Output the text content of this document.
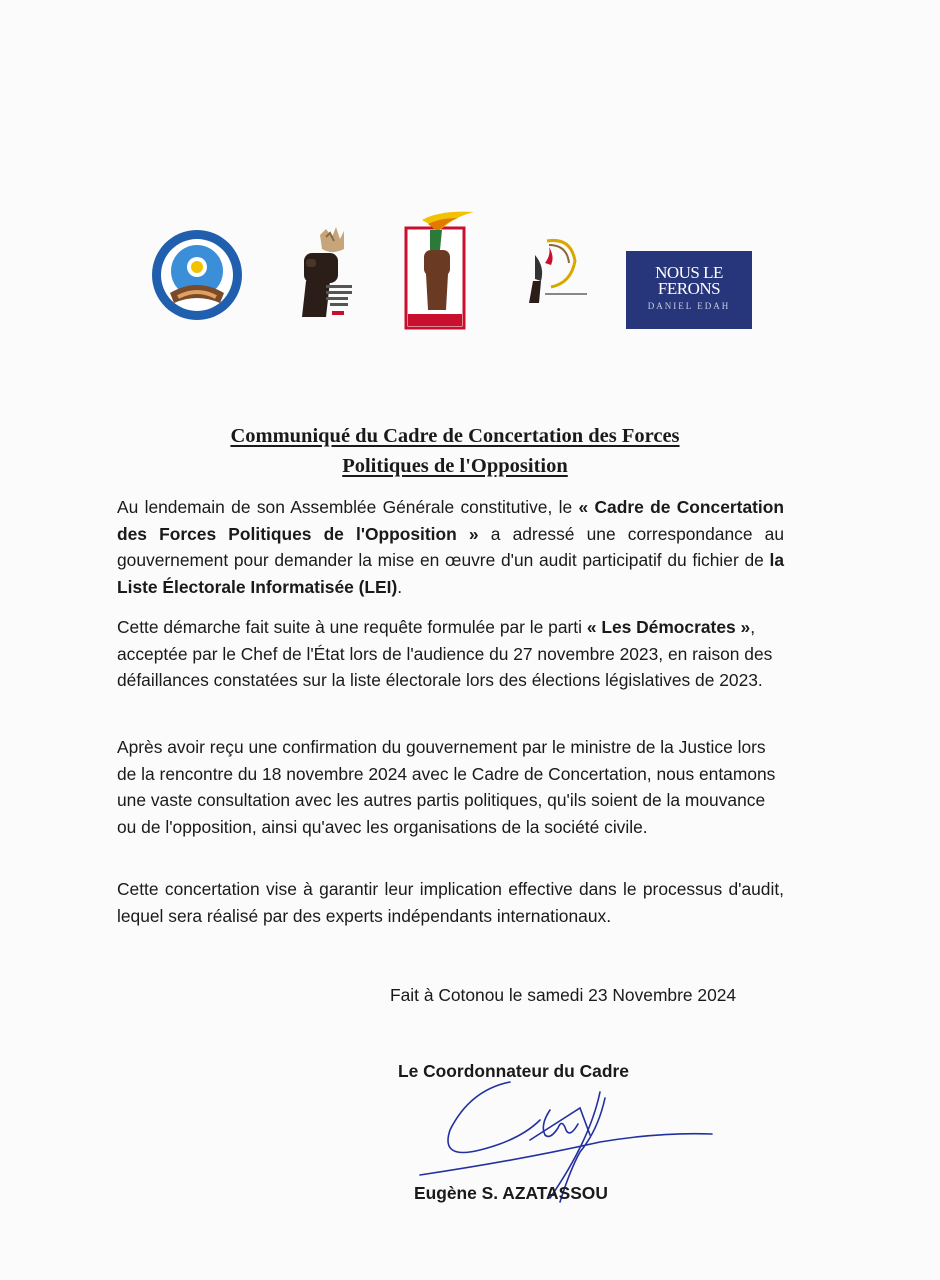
NOUS LE
FERONS
DANIEL EDAH
Communiqué du Cadre de Concertation des Forces
Politiques de l'Opposition

Au lendemain de son Assemblée Générale constitutive, le « Cadre de Concertation des Forces Politiques de l'Opposition » a adressé une correspondance au gouvernement pour demander la mise en œuvre d'un audit participatif du fichier de la Liste Électorale Informatisée (LEI).

Cette démarche fait suite à une requête formulée par le parti « Les Démocrates », acceptée par le Chef de l'État lors de l'audience du 27 novembre 2023, en raison des défaillances constatées sur la liste électorale lors des élections législatives de 2023.

Après avoir reçu une confirmation du gouvernement par le ministre de la Justice lors de la rencontre du 18 novembre 2024 avec le Cadre de Concertation, nous entamons une vaste consultation avec les autres partis politiques, qu'ils soient de la mouvance ou de l'opposition, ainsi qu'avec les organisations de la société civile.

Cette concertation vise à garantir leur implication effective dans le processus d'audit, lequel sera réalisé par des experts indépendants internationaux.

Fait à Cotonou le samedi 23 Novembre 2024
Le Coordonnateur du Cadre
Eugène S. AZATASSOU
